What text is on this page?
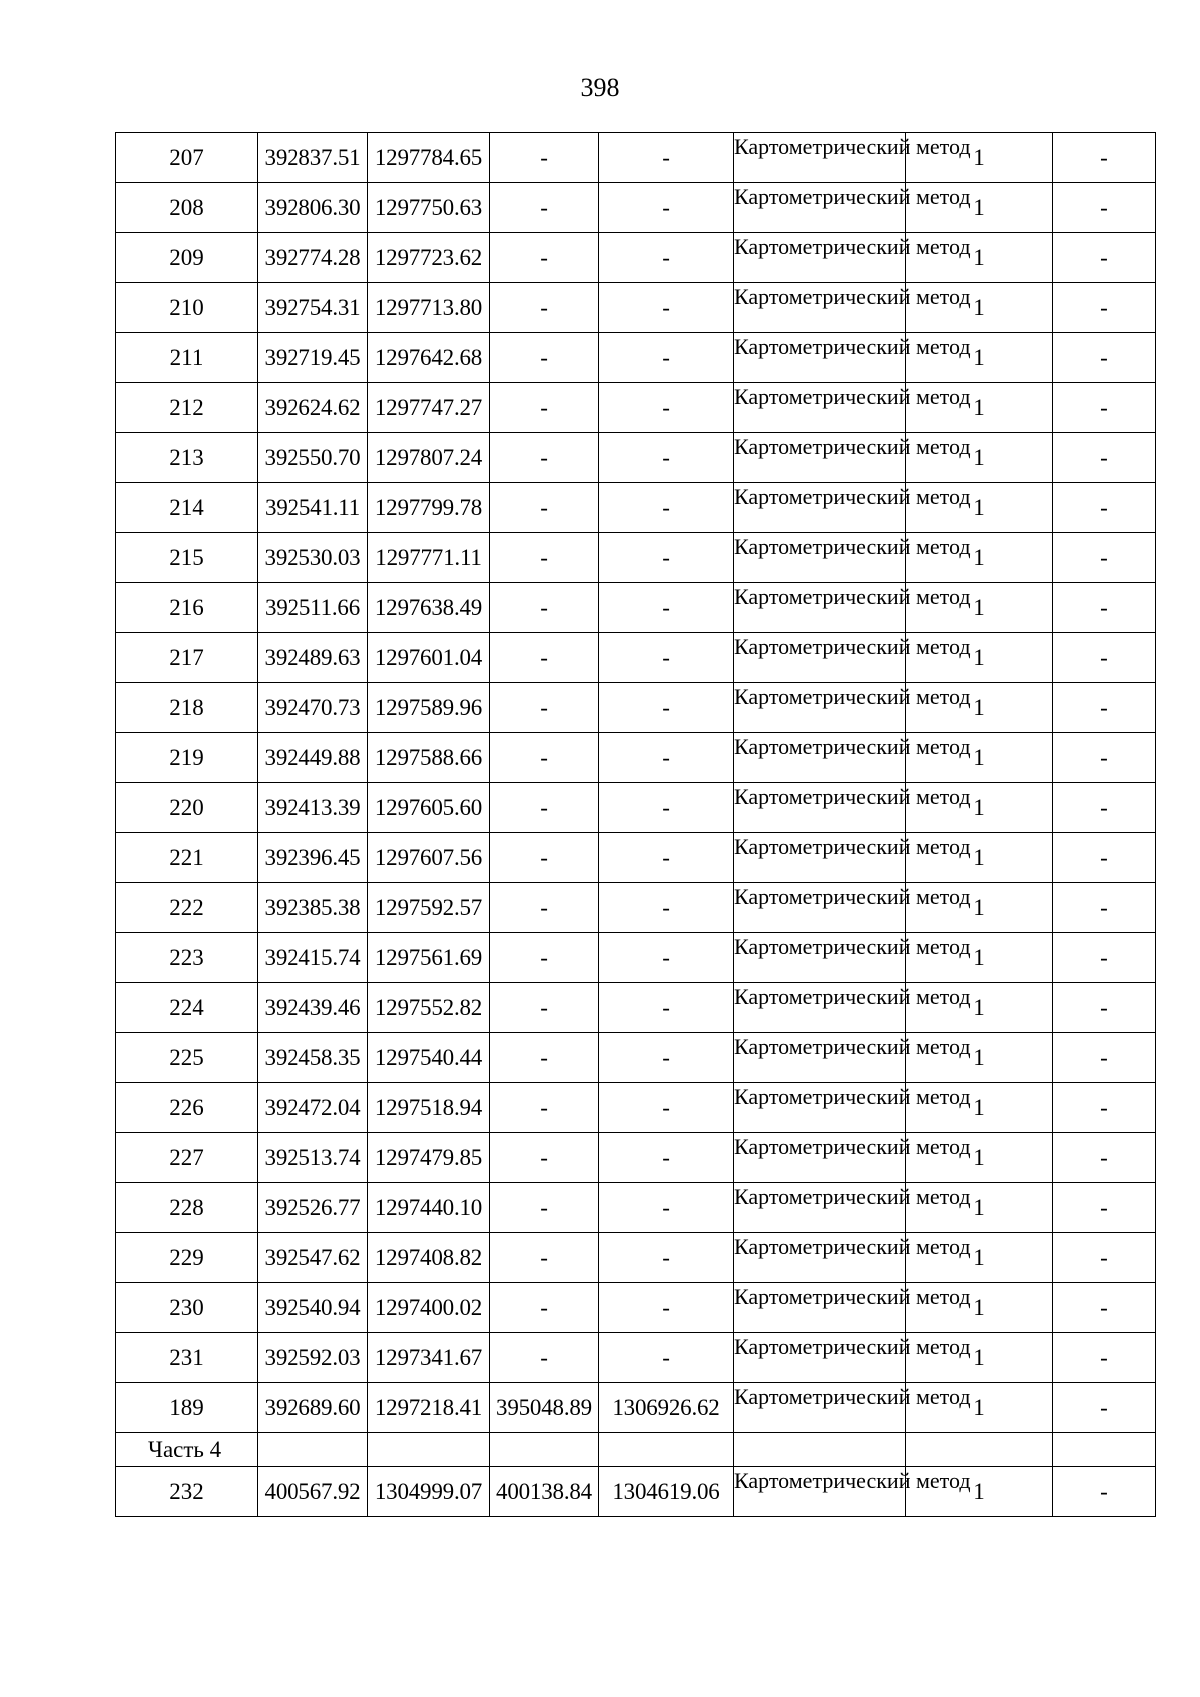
398
207	392837.51	1297784.65	-	-	Картометрический метод	1	-
208	392806.30	1297750.63	-	-	Картометрический метод	1	-
209	392774.28	1297723.62	-	-	Картометрический метод	1	-
210	392754.31	1297713.80	-	-	Картометрический метод	1	-
211	392719.45	1297642.68	-	-	Картометрический метод	1	-
212	392624.62	1297747.27	-	-	Картометрический метод	1	-
213	392550.70	1297807.24	-	-	Картометрический метод	1	-
214	392541.11	1297799.78	-	-	Картометрический метод	1	-
215	392530.03	1297771.11	-	-	Картометрический метод	1	-
216	392511.66	1297638.49	-	-	Картометрический метод	1	-
217	392489.63	1297601.04	-	-	Картометрический метод	1	-
218	392470.73	1297589.96	-	-	Картометрический метод	1	-
219	392449.88	1297588.66	-	-	Картометрический метод	1	-
220	392413.39	1297605.60	-	-	Картометрический метод	1	-
221	392396.45	1297607.56	-	-	Картометрический метод	1	-
222	392385.38	1297592.57	-	-	Картометрический метод	1	-
223	392415.74	1297561.69	-	-	Картометрический метод	1	-
224	392439.46	1297552.82	-	-	Картометрический метод	1	-
225	392458.35	1297540.44	-	-	Картометрический метод	1	-
226	392472.04	1297518.94	-	-	Картометрический метод	1	-
227	392513.74	1297479.85	-	-	Картометрический метод	1	-
228	392526.77	1297440.10	-	-	Картометрический метод	1	-
229	392547.62	1297408.82	-	-	Картометрический метод	1	-
230	392540.94	1297400.02	-	-	Картометрический метод	1	-
231	392592.03	1297341.67	-	-	Картометрический метод	1	-
189	392689.60	1297218.41	395048.89	1306926.62	Картометрический метод	1	-
Часть 4							
232	400567.92	1304999.07	400138.84	1304619.06	Картометрический метод	1	-
